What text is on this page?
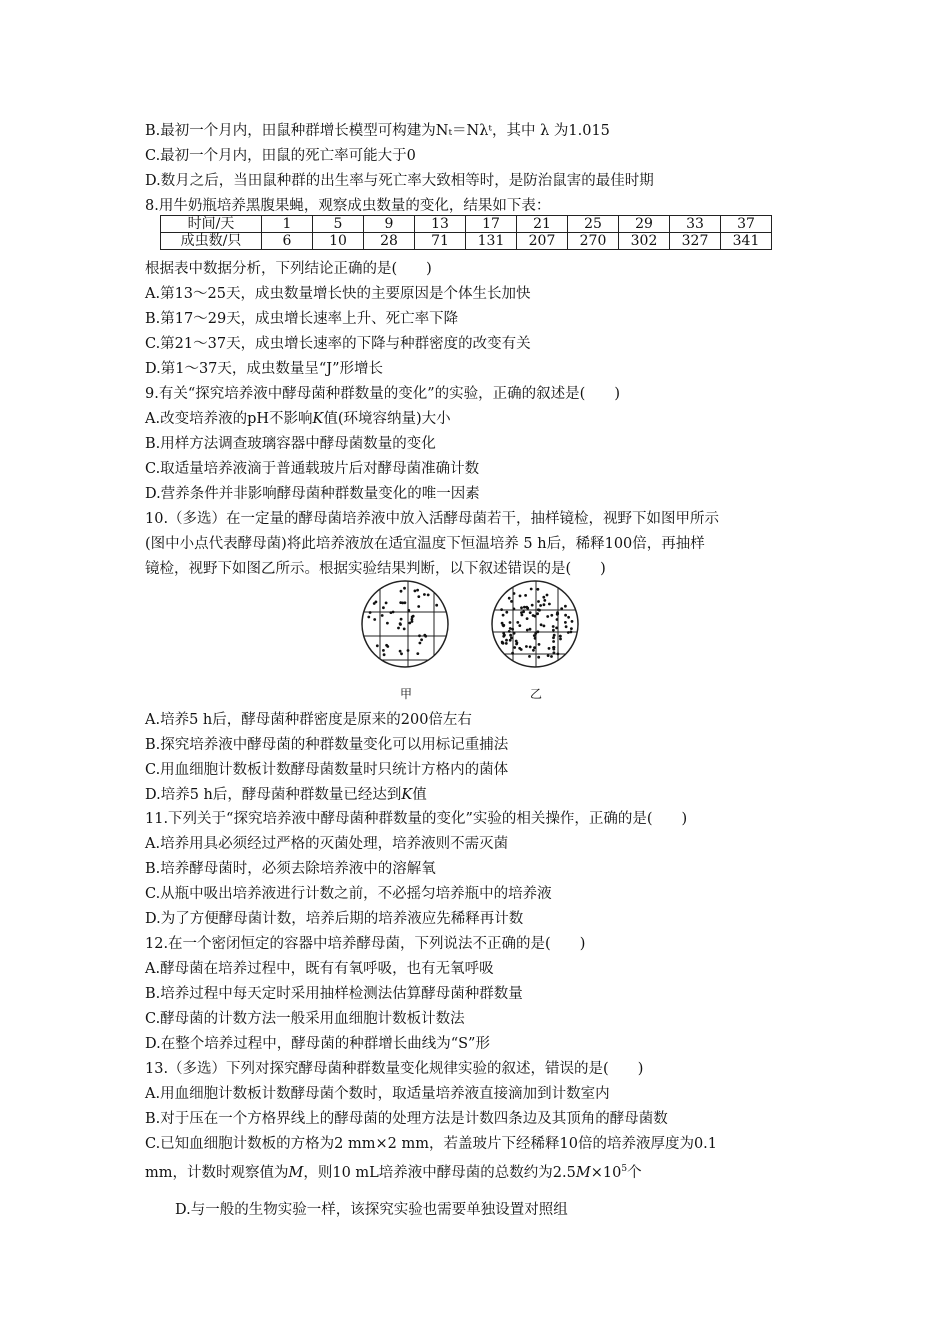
B.最初一个月内，田鼠种群增长模型可构建为Nₜ＝Nλᵗ，其中 λ 为1.015
C.最初一个月内，田鼠的死亡率可能大于0
D.数月之后，当田鼠种群的出生率与死亡率大致相等时，是防治鼠害的最佳时期
8.用牛奶瓶培养黑腹果蝇，观察成虫数量的变化，结果如下表：
时间/天	1	5	9	13	17	21	25	29	33	37
成虫数/只	6	10	28	71	131	207	270	302	327	341
根据表中数据分析，下列结论正确的是(　　)
A.第13～25天，成虫数量增长快的主要原因是个体生长加快
B.第17～29天，成虫增长速率上升、死亡率下降
C.第21～37天，成虫增长速率的下降与种群密度的改变有关
D.第1～37天，成虫数量呈“J”形增长
9.有关“探究培养液中酵母菌种群数量的变化”的实验，正确的叙述是(　　)
A.改变培养液的pH不影响K值(环境容纳量)大小
B.用样方法调查玻璃容器中酵母菌数量的变化
C.取适量培养液滴于普通载玻片后对酵母菌准确计数
D.营养条件并非影响酵母菌种群数量变化的唯一因素
10.（多选）在一定量的酵母菌培养液中放入活酵母菌若干，抽样镜检，视野下如图甲所示
(图中小点代表酵母菌)将此培养液放在适宜温度下恒温培养 5 h后，稀释100倍，再抽样
镜检，视野下如图乙所示。根据实验结果判断，以下叙述错误的是(　　)
甲	乙
A.培养5 h后，酵母菌种群密度是原来的200倍左右
B.探究培养液中酵母菌的种群数量变化可以用标记重捕法
C.用血细胞计数板计数酵母菌数量时只统计方格内的菌体
D.培养5 h后，酵母菌种群数量已经达到K值
11.下列关于“探究培养液中酵母菌种群数量的变化”实验的相关操作，正确的是(　　)
A.培养用具必须经过严格的灭菌处理，培养液则不需灭菌
B.培养酵母菌时，必须去除培养液中的溶解氧
C.从瓶中吸出培养液进行计数之前，不必摇匀培养瓶中的培养液
D.为了方便酵母菌计数，培养后期的培养液应先稀释再计数
12.在一个密闭恒定的容器中培养酵母菌，下列说法不正确的是(　　)
A.酵母菌在培养过程中，既有有氧呼吸，也有无氧呼吸
B.培养过程中每天定时采用抽样检测法估算酵母菌种群数量
C.酵母菌的计数方法一般采用血细胞计数板计数法
D.在整个培养过程中，酵母菌的种群增长曲线为“S”形
13.（多选）下列对探究酵母菌种群数量变化规律实验的叙述，错误的是(　　)
A.用血细胞计数板计数酵母菌个数时，取适量培养液直接滴加到计数室内
B.对于压在一个方格界线上的酵母菌的处理方法是计数四条边及其顶角的酵母菌数
C.已知血细胞计数板的方格为2 mm×2 mm，若盖玻片下经稀释10倍的培养液厚度为0.1
mm，计数时观察值为M，则10 mL培养液中酵母菌的总数约为$2.5M\times 10^5$个
D.与一般的生物实验一样，该探究实验也需要单独设置对照组
